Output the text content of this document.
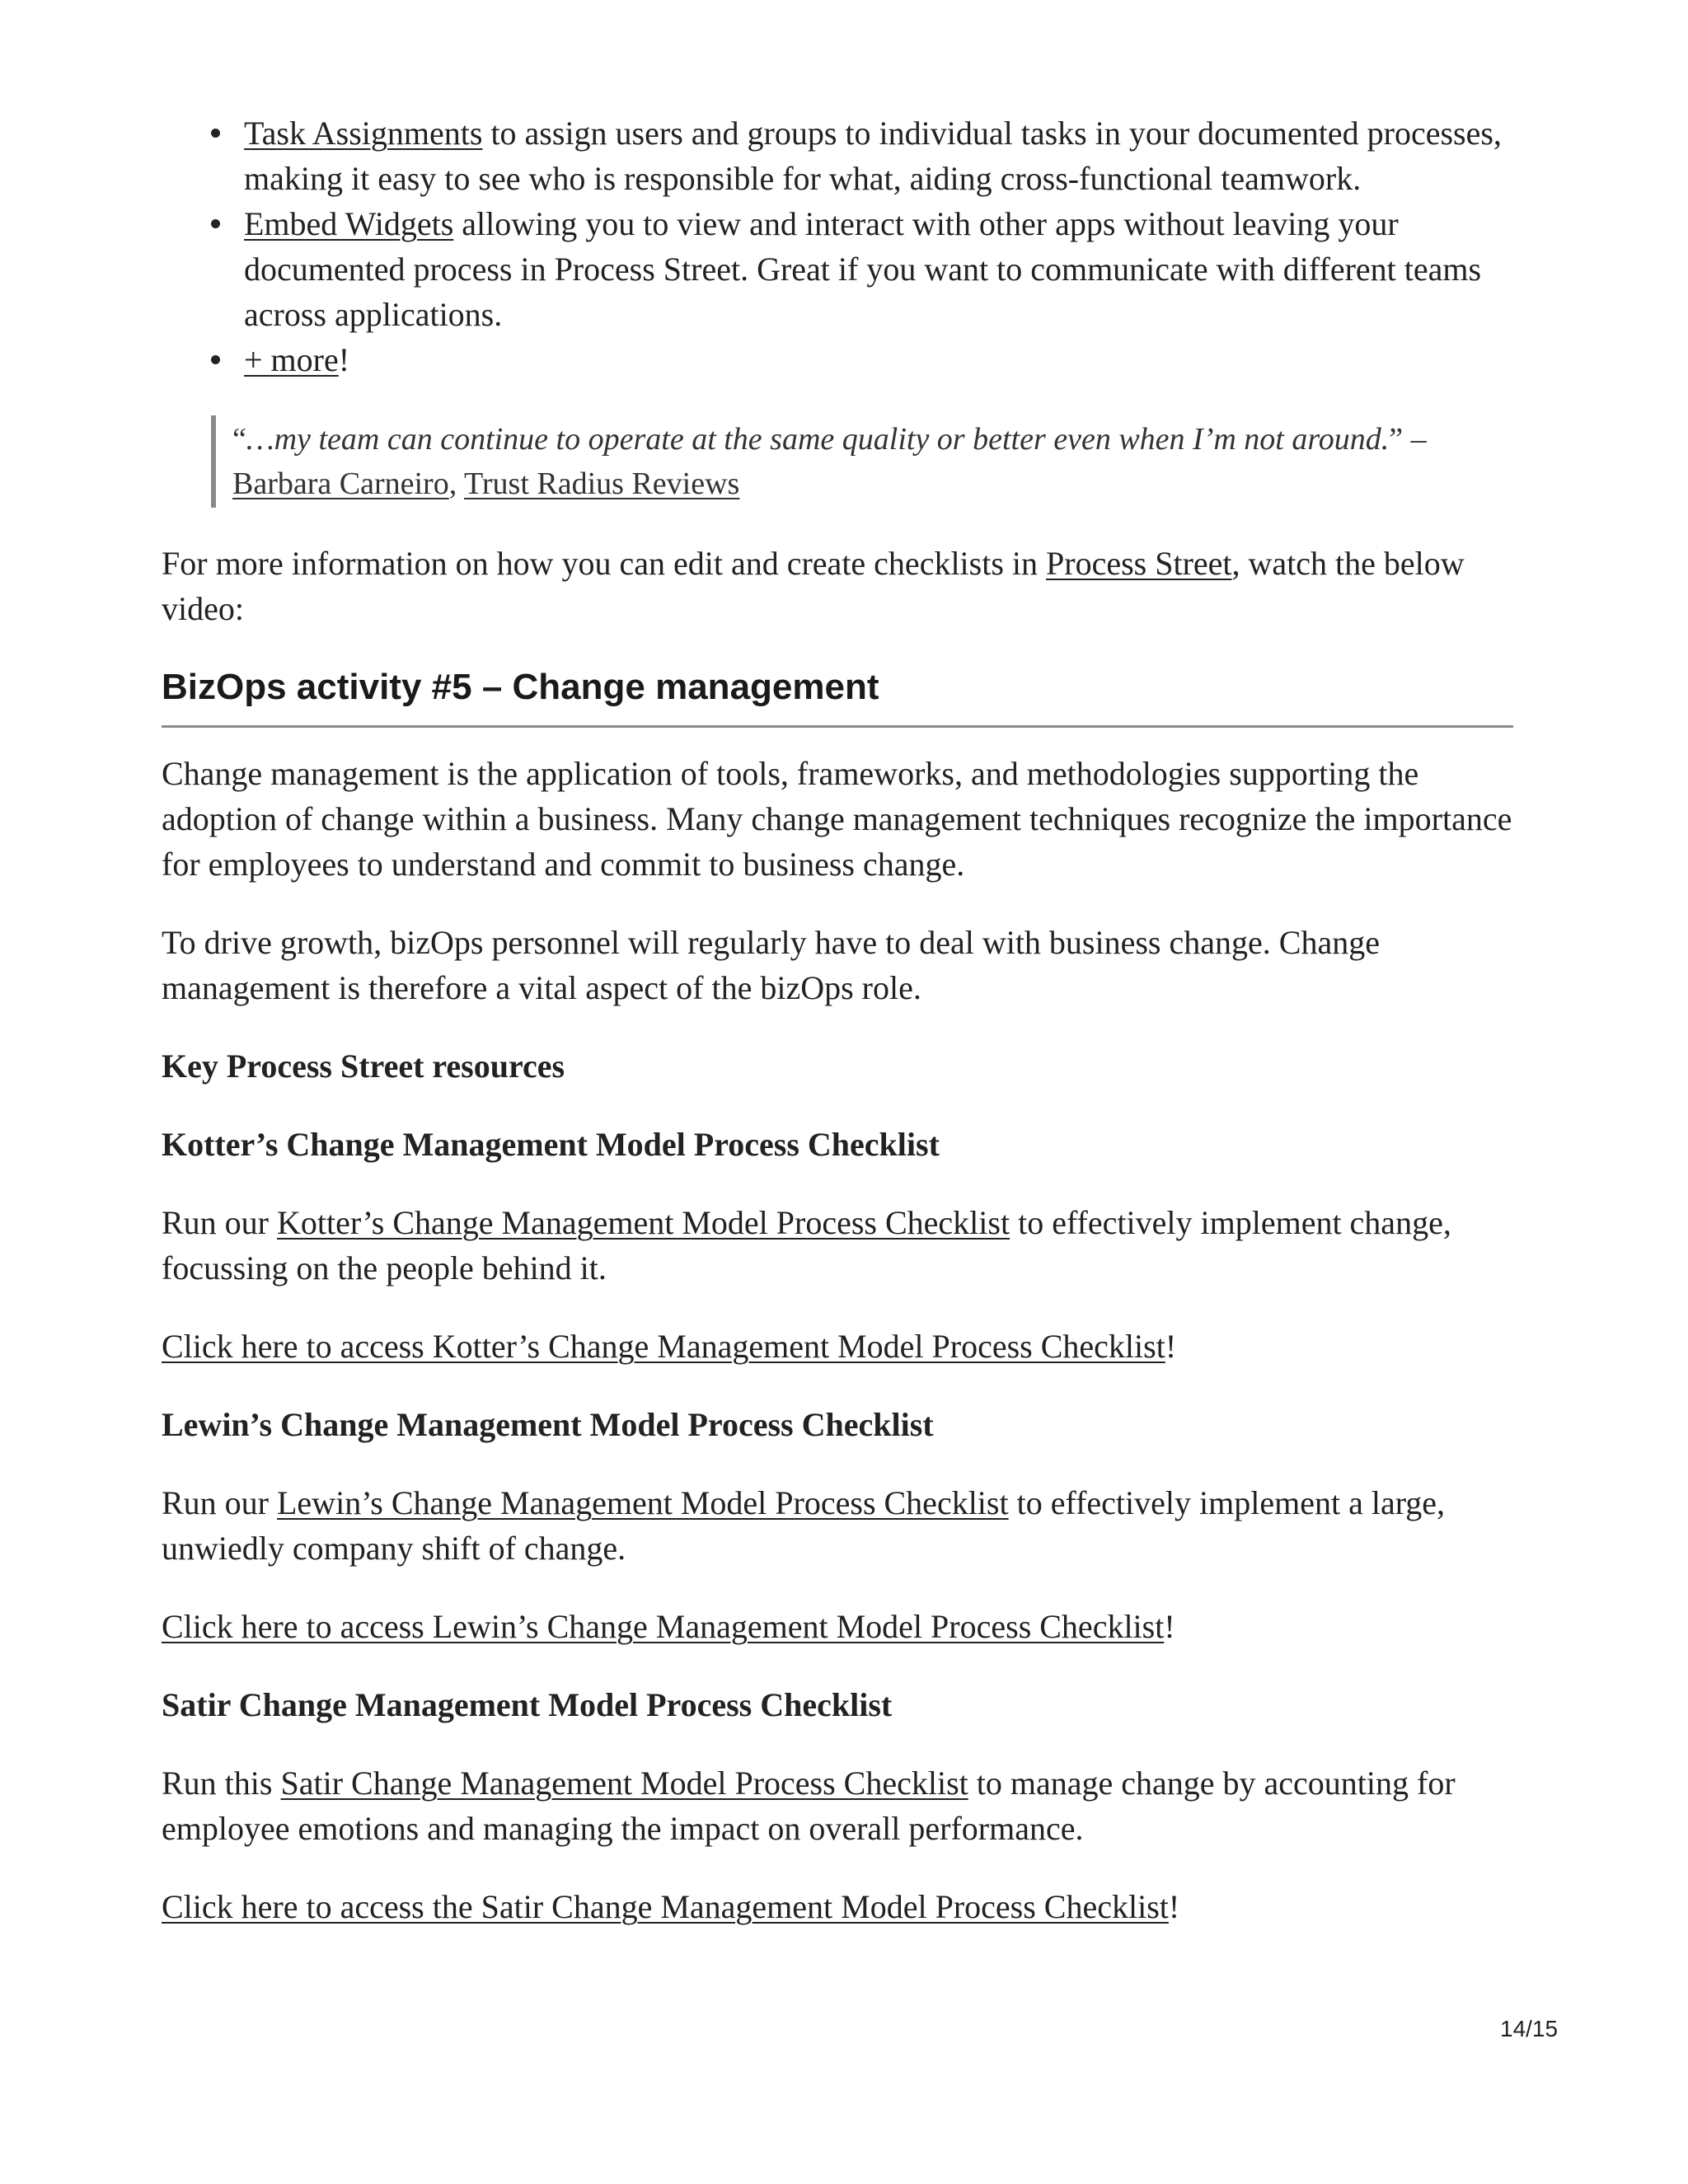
Task Assignments to assign users and groups to individual tasks in your documented processes, making it easy to see who is responsible for what, aiding cross-functional teamwork.
Embed Widgets allowing you to view and interact with other apps without leaving your documented process in Process Street. Great if you want to communicate with different teams across applications.
+ more!
“…my team can continue to operate at the same quality or better even when I’m not around.” – Barbara Carneiro, Trust Radius Reviews

For more information on how you can edit and create checklists in Process Street, watch the below video:

BizOps activity #5 – Change management

Change management is the application of tools, frameworks, and methodologies supporting the adoption of change within a business. Many change management techniques recognize the importance for employees to understand and commit to business change.

To drive growth, bizOps personnel will regularly have to deal with business change. Change management is therefore a vital aspect of the bizOps role.

Key Process Street resources

Kotter’s Change Management Model Process Checklist

Run our Kotter’s Change Management Model Process Checklist to effectively implement change, focussing on the people behind it.

Click here to access Kotter’s Change Management Model Process Checklist!

Lewin’s Change Management Model Process Checklist

Run our Lewin’s Change Management Model Process Checklist to effectively implement a large, unwiedly company shift of change.

Click here to access Lewin’s Change Management Model Process Checklist!

Satir Change Management Model Process Checklist

Run this Satir Change Management Model Process Checklist to manage change by accounting for employee emotions and managing the impact on overall performance.

Click here to access the Satir Change Management Model Process Checklist!

14/15
